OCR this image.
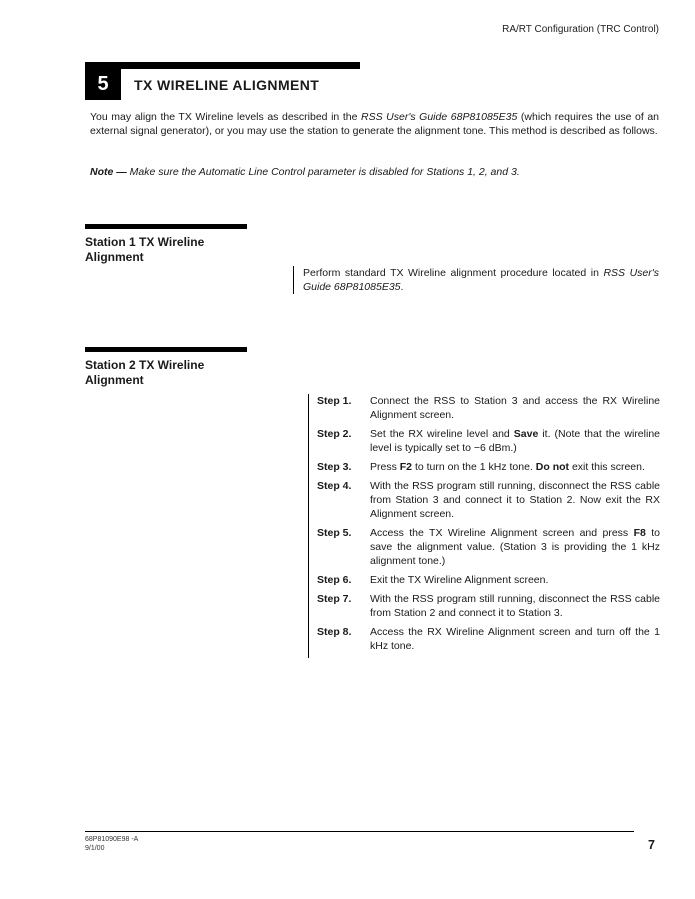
RA/RT Configuration (TRC Control)
5	TX WIRELINE ALIGNMENT

You may align the TX Wireline levels as described in the RSS User's Guide 68P81085E35 (which requires the use of an external signal generator), or you may use the station to generate the alignment tone. This method is described as follows.

Note — Make sure the Automatic Line Control parameter is disabled for Stations 1, 2, and 3.

Station 1 TX Wireline Alignment
Perform standard TX Wireline alignment procedure located in RSS User's Guide 68P81085E35.
Station 2 TX Wireline Alignment
Step 1.	Connect the RSS to Station 3 and access the RX Wireline Alignment screen.
Step 2.	Set the RX wireline level and Save it. (Note that the wireline level is typically set to −6 dBm.)
Step 3.	Press F2 to turn on the 1 kHz tone. Do not exit this screen.
Step 4.	With the RSS program still running, disconnect the RSS cable from Station 3 and connect it to Station 2. Now exit the RX Alignment screen.
Step 5.	Access the TX Wireline Alignment screen and press F8 to save the alignment value. (Station 3 is providing the 1 kHz alignment tone.)
Step 6.	Exit the TX Wireline Alignment screen.
Step 7.	With the RSS program still running, disconnect the RSS cable from Station 2 and connect it to Station 3.
Step 8.	Access the RX Wireline Alignment screen and turn off the 1 kHz tone.
68P81090E98 -A
9/1/00	7
